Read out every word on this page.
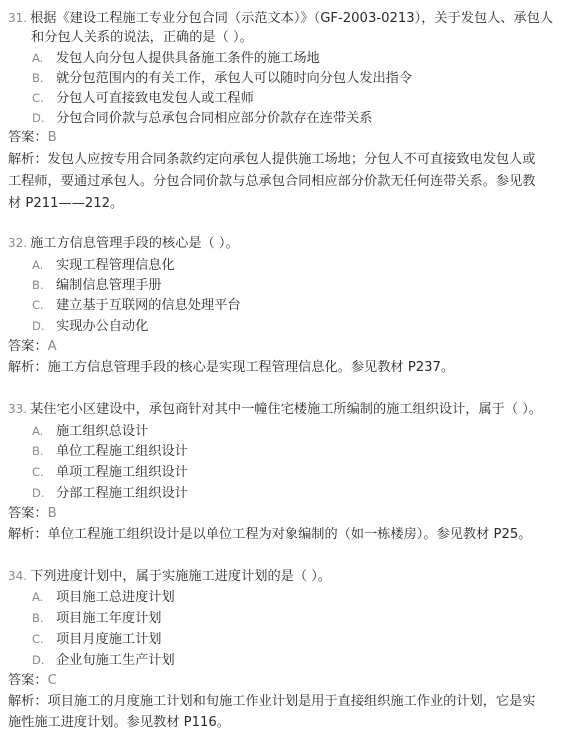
31. 根据《建设工程施工专业分包合同（示范文本）》（GF-2003-0213），关于发包人、承包人
和分包人关系的说法，正确的是（ ）。
A. 发包人向分包人提供具备施工条件的施工场地
B. 就分包范围内的有关工作，承包人可以随时向分包人发出指令
C. 分包人可直接致电发包人或工程师
D. 分包合同价款与总承包合同相应部分价款存在连带关系
答案：B
解析：发包人应按专用合同条款约定向承包人提供施工场地；分包人不可直接致电发包人或
工程师，要通过承包人。分包合同价款与总承包合同相应部分价款无任何连带关系。参见教
材 P211——212。
32. 施工方信息管理手段的核心是（ ）。
A. 实现工程管理信息化
B. 编制信息管理手册
C. 建立基于互联网的信息处理平台
D. 实现办公自动化
答案：A
解析：施工方信息管理手段的核心是实现工程管理信息化。参见教材 P237。
33. 某住宅小区建设中，承包商针对其中一幢住宅楼施工所编制的施工组织设计，属于（ ）。
A. 施工组织总设计
B. 单位工程施工组织设计
C. 单项工程施工组织设计
D. 分部工程施工组织设计
答案：B
解析：单位工程施工组织设计是以单位工程为对象编制的（如一栋楼房）。参见教材 P25。
34. 下列进度计划中，属于实施施工进度计划的是（ ）。
A. 项目施工总进度计划
B. 项目施工年度计划
C. 项目月度施工计划
D. 企业旬施工生产计划
答案：C
解析：项目施工的月度施工计划和旬施工作业计划是用于直接组织施工作业的计划，它是实
施性施工进度计划。参见教材 P116。
